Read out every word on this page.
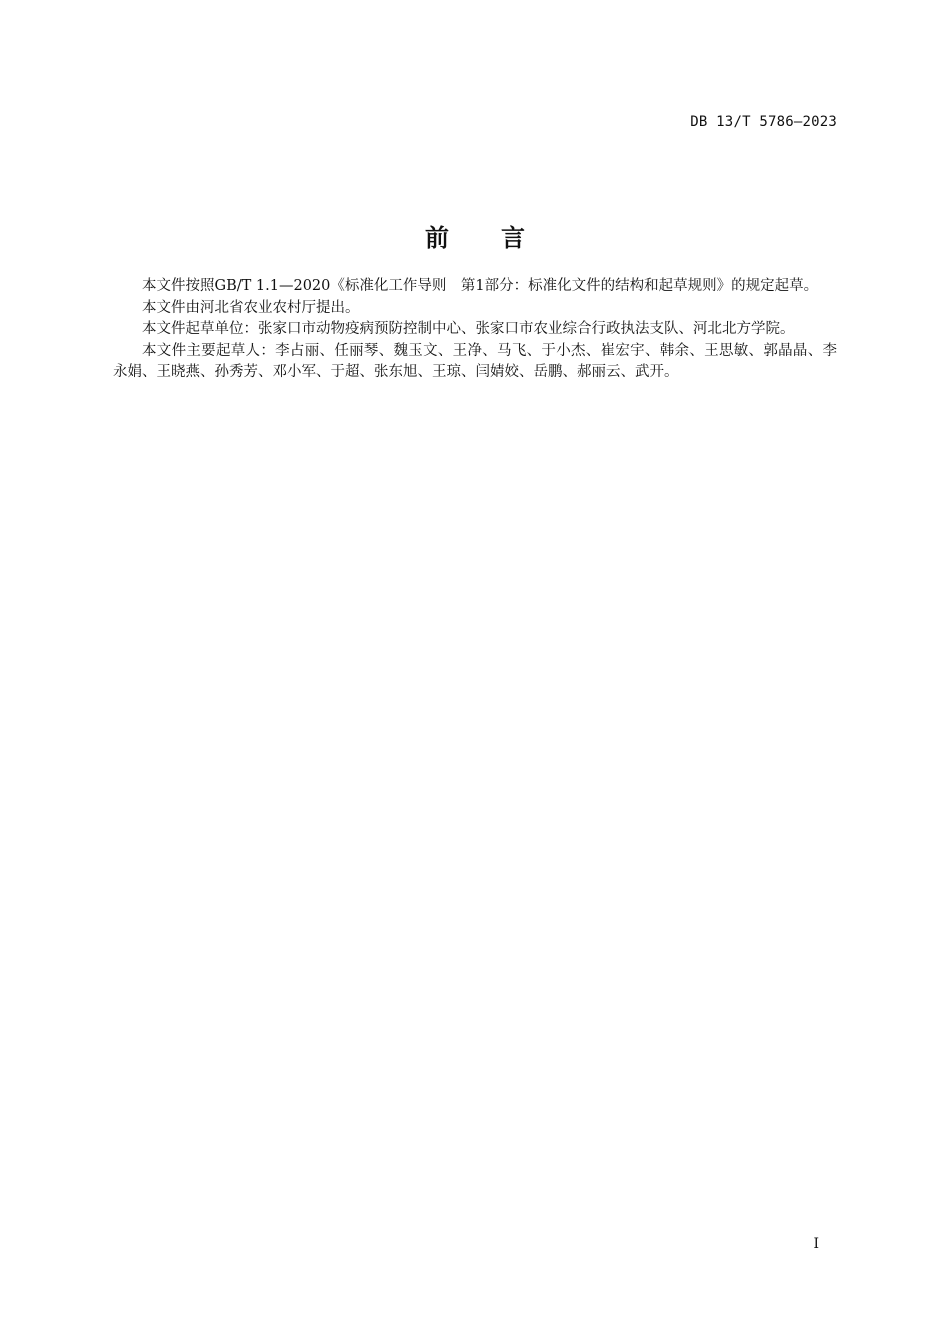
DB 13/T 5786—2023
前 言

本文件按照GB/T 1.1—2020《标准化工作导则　第1部分：标准化文件的结构和起草规则》的规定起草。

本文件由河北省农业农村厅提出。

本文件起草单位：张家口市动物疫病预防控制中心、张家口市农业综合行政执法支队、河北北方学院。

本文件主要起草人：李占丽、任丽琴、魏玉文、王净、马飞、于小杰、崔宏宇、韩余、王思敏、郭晶晶、李永娟、王晓燕、孙秀芳、邓小军、于超、张东旭、王琼、闫婧姣、岳鹏、郝丽云、武开。

I
